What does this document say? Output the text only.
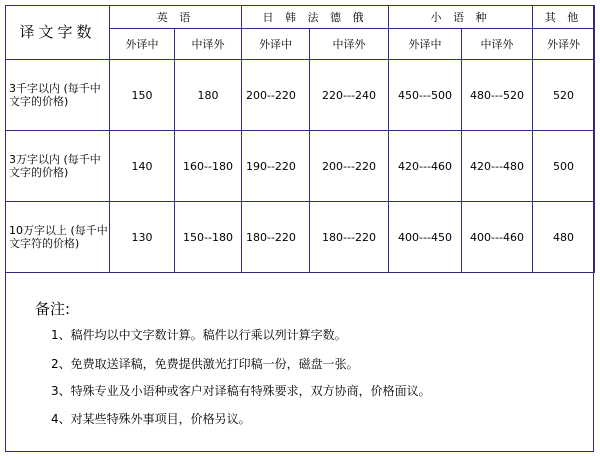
译文字数	英 语		日 韩 法 德 俄		小 语 种		其 他
	外译中	中译外	外译中	中译外	外译中	中译外	外译外
3千字以内 (每千中文字的价格)	150	180	200--220	220---240	450---500	480---520	520
3万字以内 (每千中文字的价格)	140	160--180	190--220	200---220	420---460	420---480	500
10万字以上 (每千中文字符的价格)	130	150--180	180--220	180---220	400---450	400---460	480
备注:
1、稿件均以中文字数计算。稿件以行乘以列计算字数。
2、免费取送译稿，免费提供激光打印稿一份，磁盘一张。
3、特殊专业及小语种或客户对译稿有特殊要求，双方协商，价格面议。
4、对某些特殊外事项目，价格另议。
